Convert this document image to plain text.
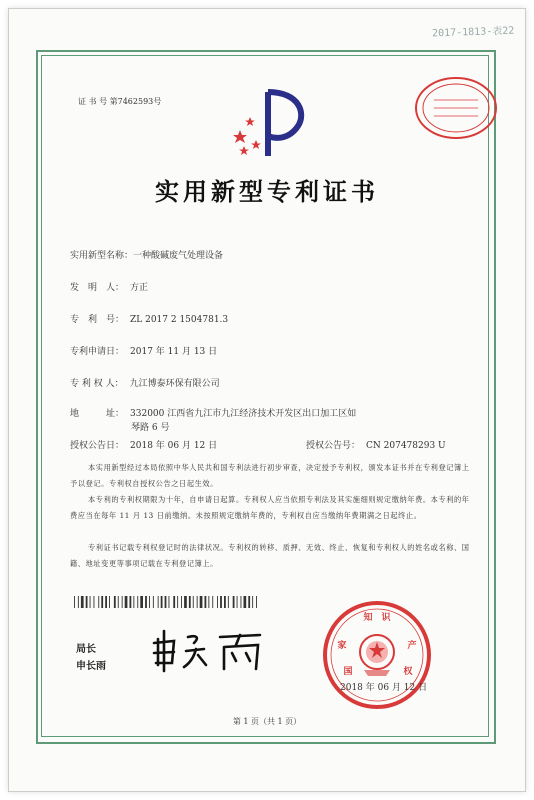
2017-1813-表22
证 书 号 第7462593号
实用新型专利证书
实用新型名称：一种酸碱废气处理设备
发　明　人： 方正
专　利　号： ZL 2017 2 1504781.3
专利申请日： 2017 年 11 月 13 日
专 利 权 人： 九江博泰环保有限公司
地　　　址： 332000 江西省九江市九江经济技术开发区出口加工区如
琴路 6 号
授权公告日： 2018 年 06 月 12 日	授权公告号： CN 207478293 U
本实用新型经过本局依照中华人民共和国专利法进行初步审查，决定授予专利权，颁发本证书并在专利登记簿上予以登记。专利权自授权公告之日起生效。
本专利的专利权期限为十年，自申请日起算。专利权人应当依照专利法及其实施细则规定缴纳年费。本专利的年费应当在每年 11 月 13 日前缴纳。未按照规定缴纳年费的，专利权自应当缴纳年费期满之日起终止。
专利证书记载专利权登记时的法律状况。专利权的转移、质押、无效、终止、恢复和专利权人的姓名或名称、国籍、地址变更等事项记载在专利登记簿上。
局长
申长雨
知　识
家	产
国	权
2018 年 06 月 12 日
第 1 页（共 1 页）
